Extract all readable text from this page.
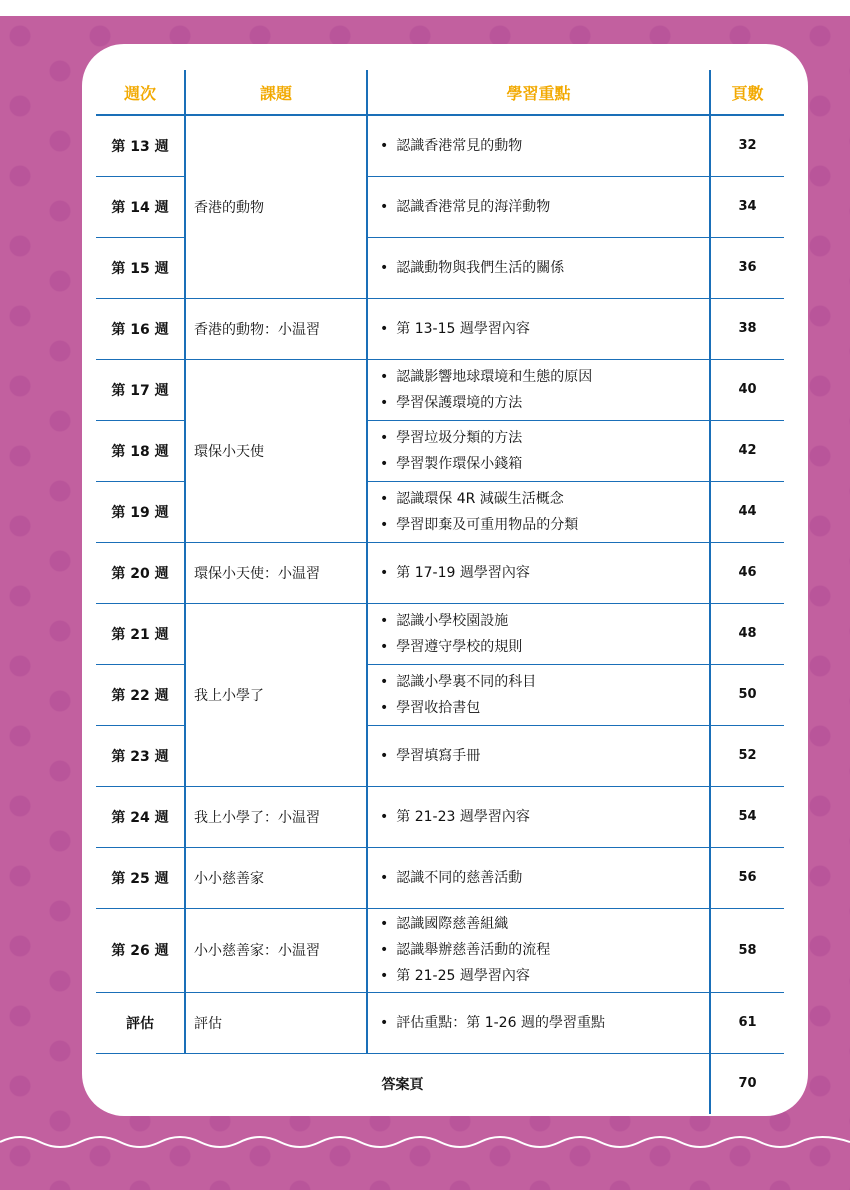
週次	課題	學習重點	頁數
第 13 週	香港的動物	• 認識香港常見的動物	32
第 14 週		• 認識香港常見的海洋動物	34
第 15 週		• 認識動物與我們生活的關係	36
第 16 週	香港的動物：小温習	• 第 13-15 週學習內容	38
第 17 週	環保小天使	• 認識影響地球環境和生態的原因
• 學習保護環境的方法	40
第 18 週		• 學習垃圾分類的方法
• 學習製作環保小錢箱	42
第 19 週		• 認識環保 4R 減碳生活概念
• 學習即棄及可重用物品的分類	44
第 20 週	環保小天使：小温習	• 第 17-19 週學習內容	46
第 21 週	我上小學了	• 認識小學校園設施
• 學習遵守學校的規則	48
第 22 週		• 認識小學裏不同的科目
• 學習收拾書包	50
第 23 週		• 學習填寫手冊	52
第 24 週	我上小學了：小温習	• 第 21-23 週學習內容	54
第 25 週	小小慈善家	• 認識不同的慈善活動	56
第 26 週	小小慈善家：小温習	• 認識國際慈善組織
• 認識舉辦慈善活動的流程
• 第 21-25 週學習內容	58
評估	評估	• 評估重點：第 1-26 週的學習重點	61
答案頁			70
